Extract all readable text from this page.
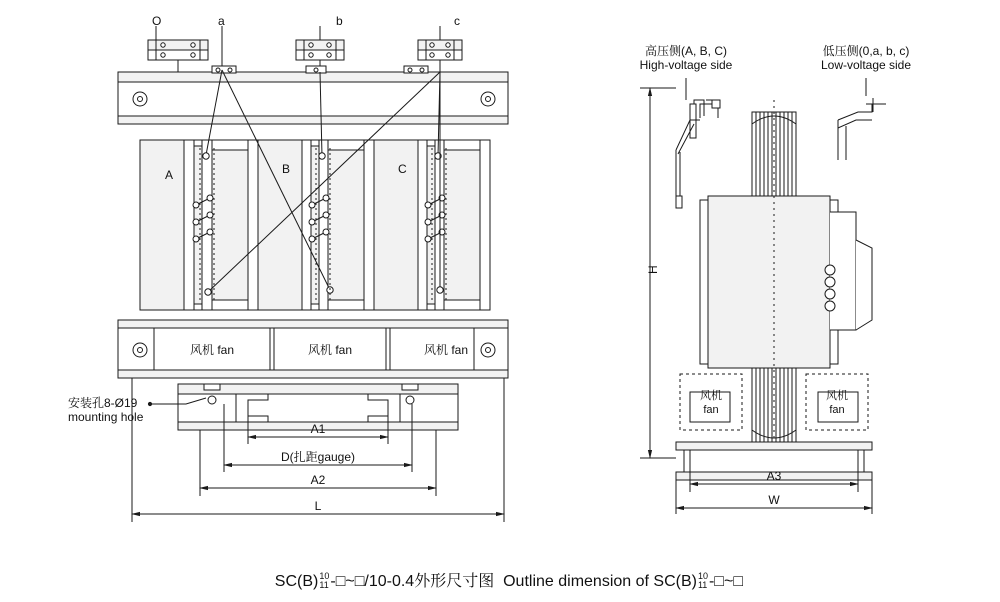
O	a	b	c
A	B	C
风机 fan	风机 fan	风机 fan
安装孔8-Ø19
mounting hole
A1
D(扎距gauge)
A2
L
高压侧(A, B, C)
High-voltage side
低压侧(0,a, b, c)
Low-voltage side
H
风机
fan
风机
fan
A3
W

SC(B) 10
11 -□~□/10-0.4外形尺寸图 Outline dimension of SC(B) 10
11 -□~□
